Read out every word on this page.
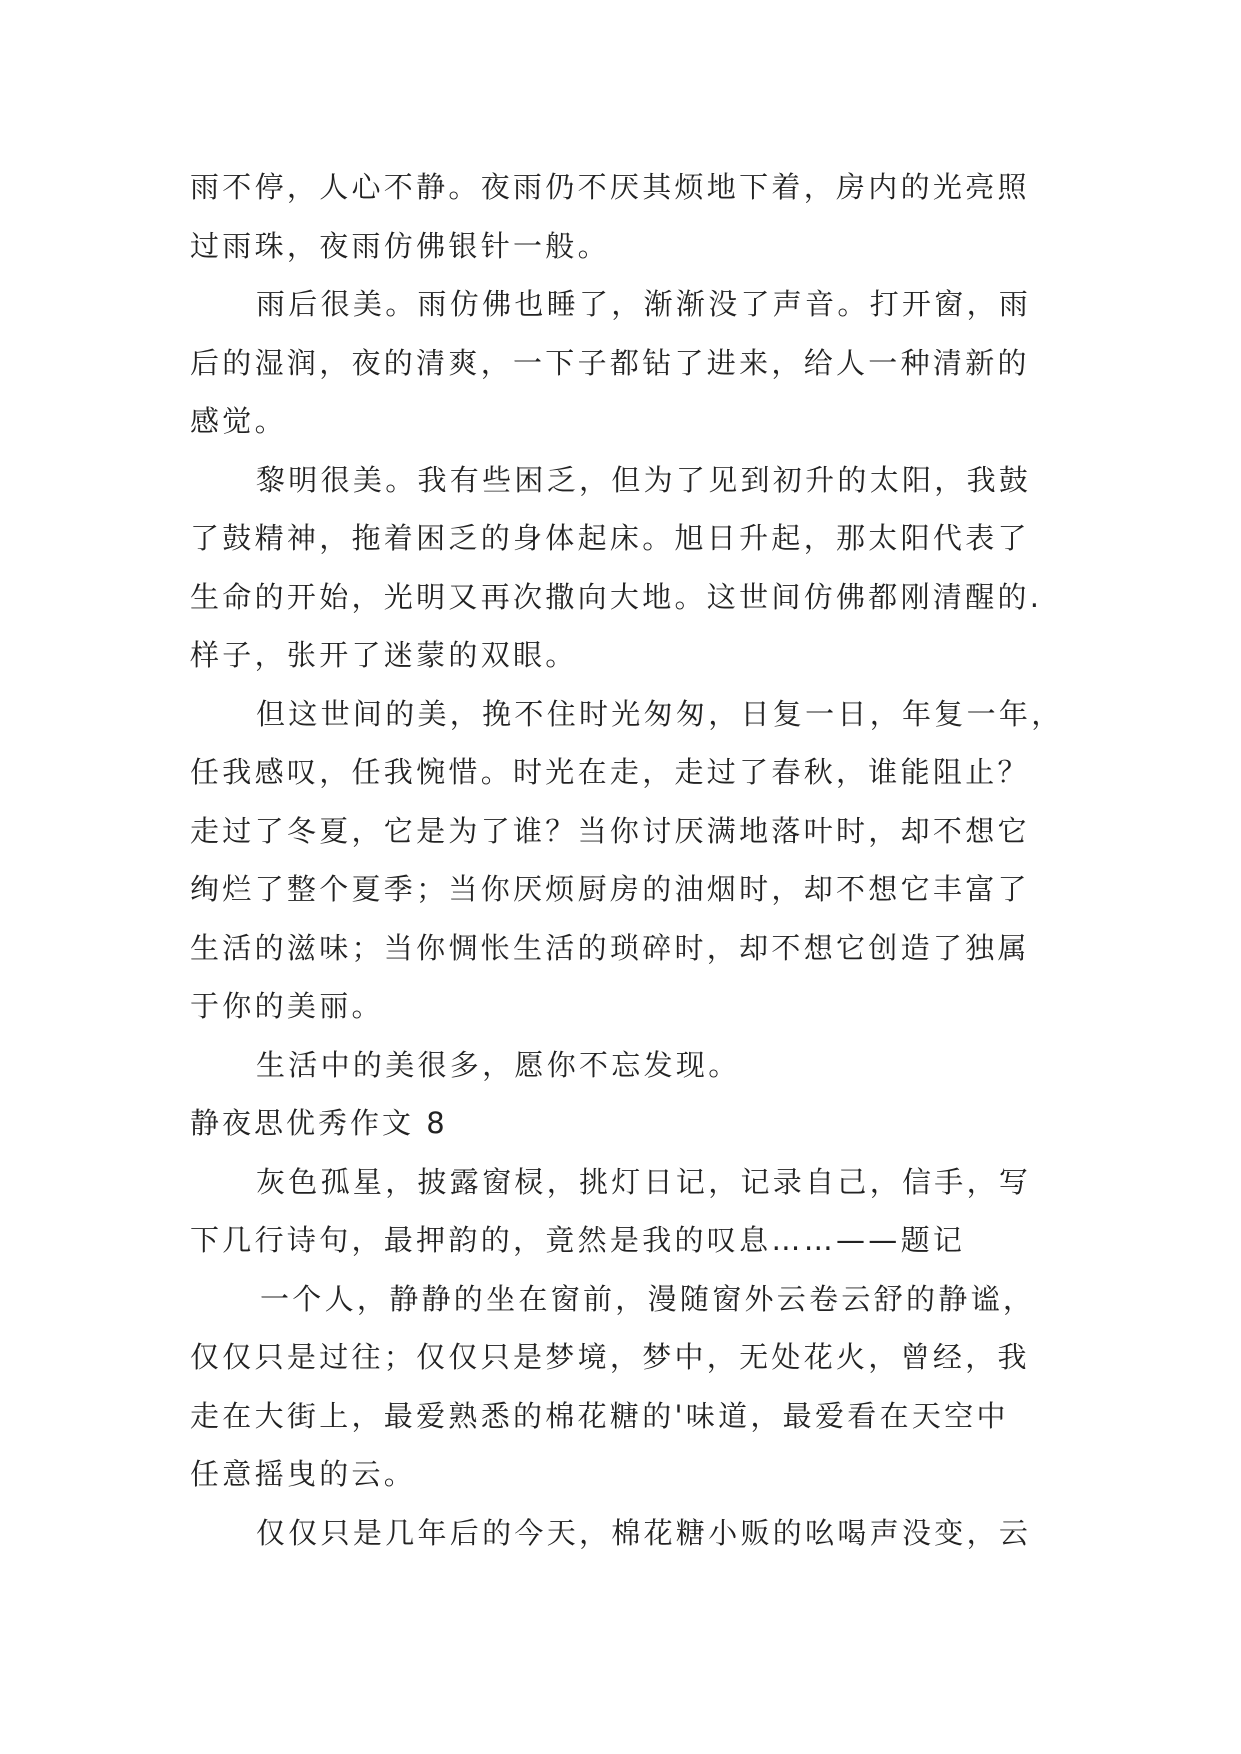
雨不停，人心不静。夜雨仍不厌其烦地下着，房内的光亮照
过雨珠，夜雨仿佛银针一般。
雨后很美。雨仿佛也睡了，渐渐没了声音。打开窗，雨
后的湿润，夜的清爽，一下子都钻了进来，给人一种清新的
感觉。
黎明很美。我有些困乏，但为了见到初升的太阳，我鼓
了鼓精神，拖着困乏的身体起床。旭日升起，那太阳代表了
生命的开始，光明又再次撒向大地。这世间仿佛都刚清醒的.
样子，张开了迷蒙的双眼。
但这世间的美，挽不住时光匆匆，日复一日，年复一年，
任我感叹，任我惋惜。时光在走，走过了春秋，谁能阻止？
走过了冬夏，它是为了谁？当你讨厌满地落叶时，却不想它
绚烂了整个夏季；当你厌烦厨房的油烟时，却不想它丰富了
生活的滋味；当你惆怅生活的琐碎时，却不想它创造了独属
于你的美丽。
生活中的美很多，愿你不忘发现。
静夜思优秀作文 8
灰色孤星，披露窗棂，挑灯日记，记录自己，信手，写
下几行诗句，最押韵的，竟然是我的叹息……——题记
一个人，静静的坐在窗前，漫随窗外云卷云舒的静谧，
仅仅只是过往；仅仅只是梦境，梦中，无处花火，曾经，我
走在大街上，最爱熟悉的棉花糖的'味道，最爱看在天空中
任意摇曳的云。
仅仅只是几年后的今天，棉花糖小贩的吆喝声没变，云
